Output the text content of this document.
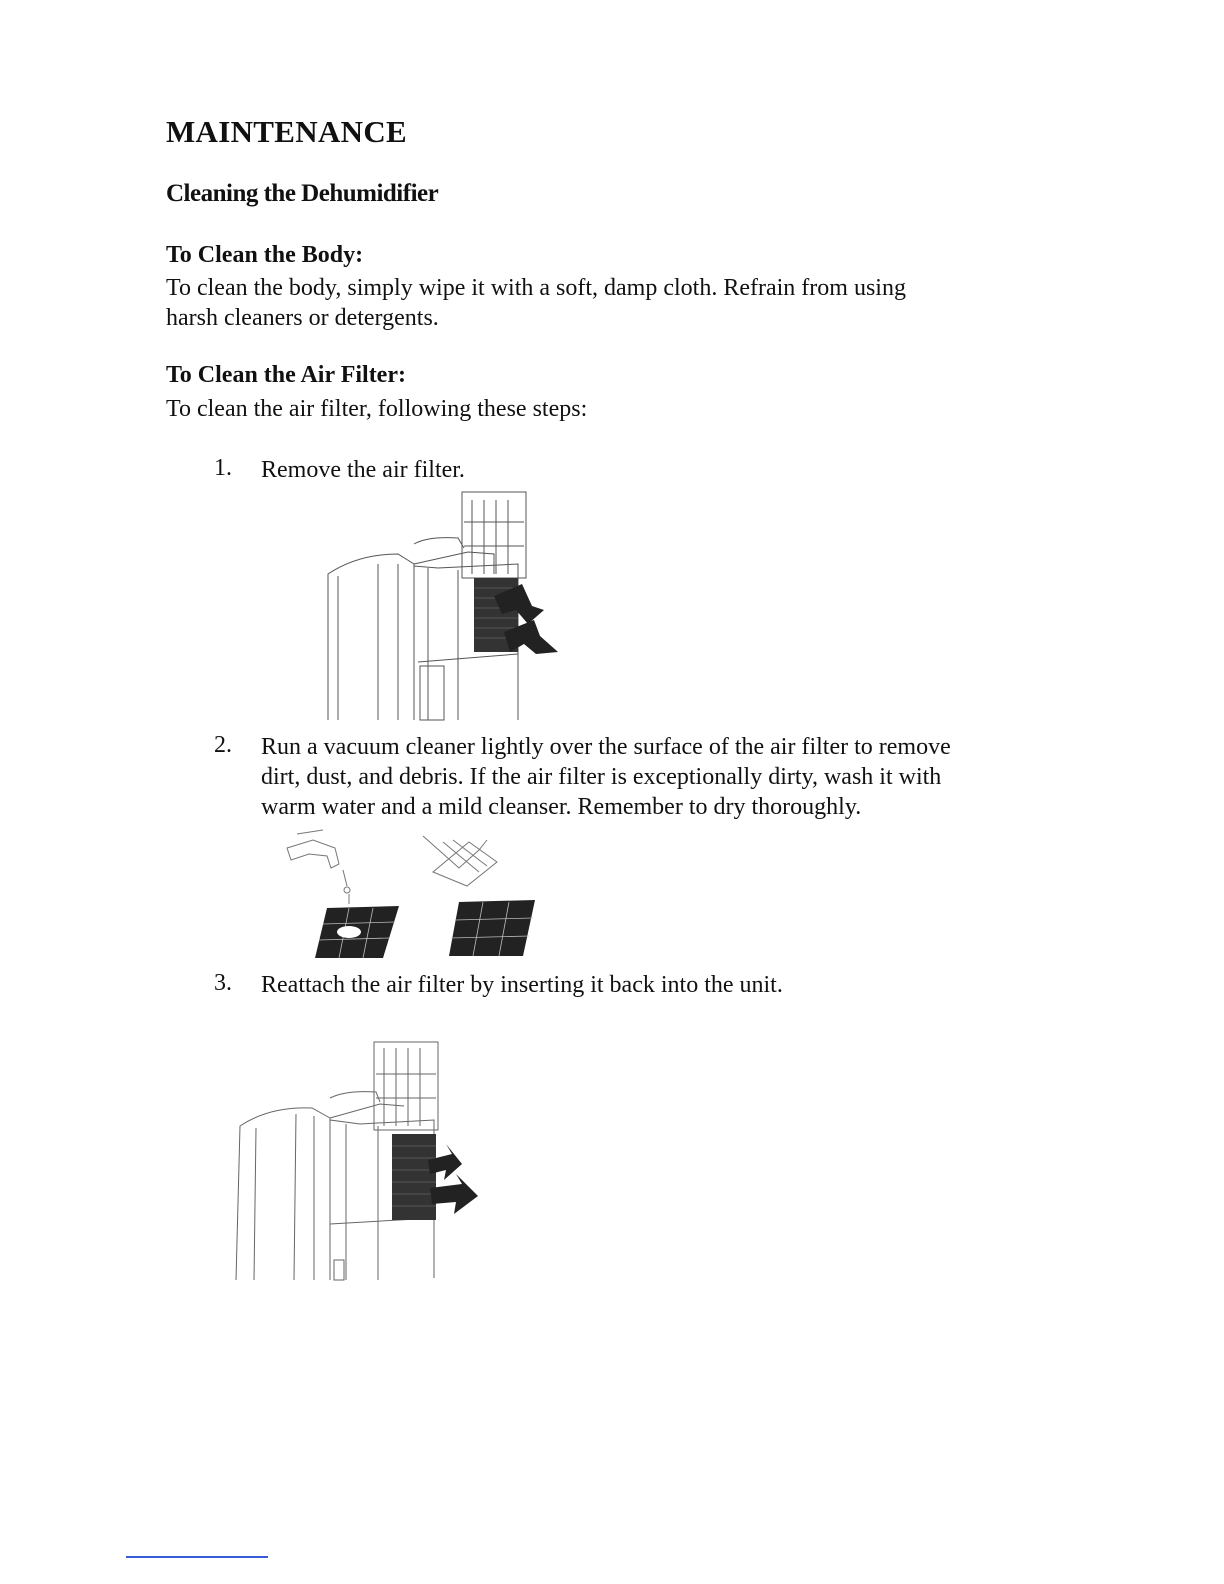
MAINTENANCE
Cleaning the Dehumidifier
To Clean the Body:
To clean the body, simply wipe it with a soft, damp cloth. Refrain from using
harsh cleaners or detergents.
To Clean the Air Filter:
To clean the air filter, following these steps:
1. Remove the air filter.
2. Run a vacuum cleaner lightly over the surface of the air filter to remove
dirt, dust, and debris. If the air filter is exceptionally dirty, wash it with
warm water and a mild cleanser. Remember to dry thoroughly.
3. Reattach the air filter by inserting it back into the unit.
